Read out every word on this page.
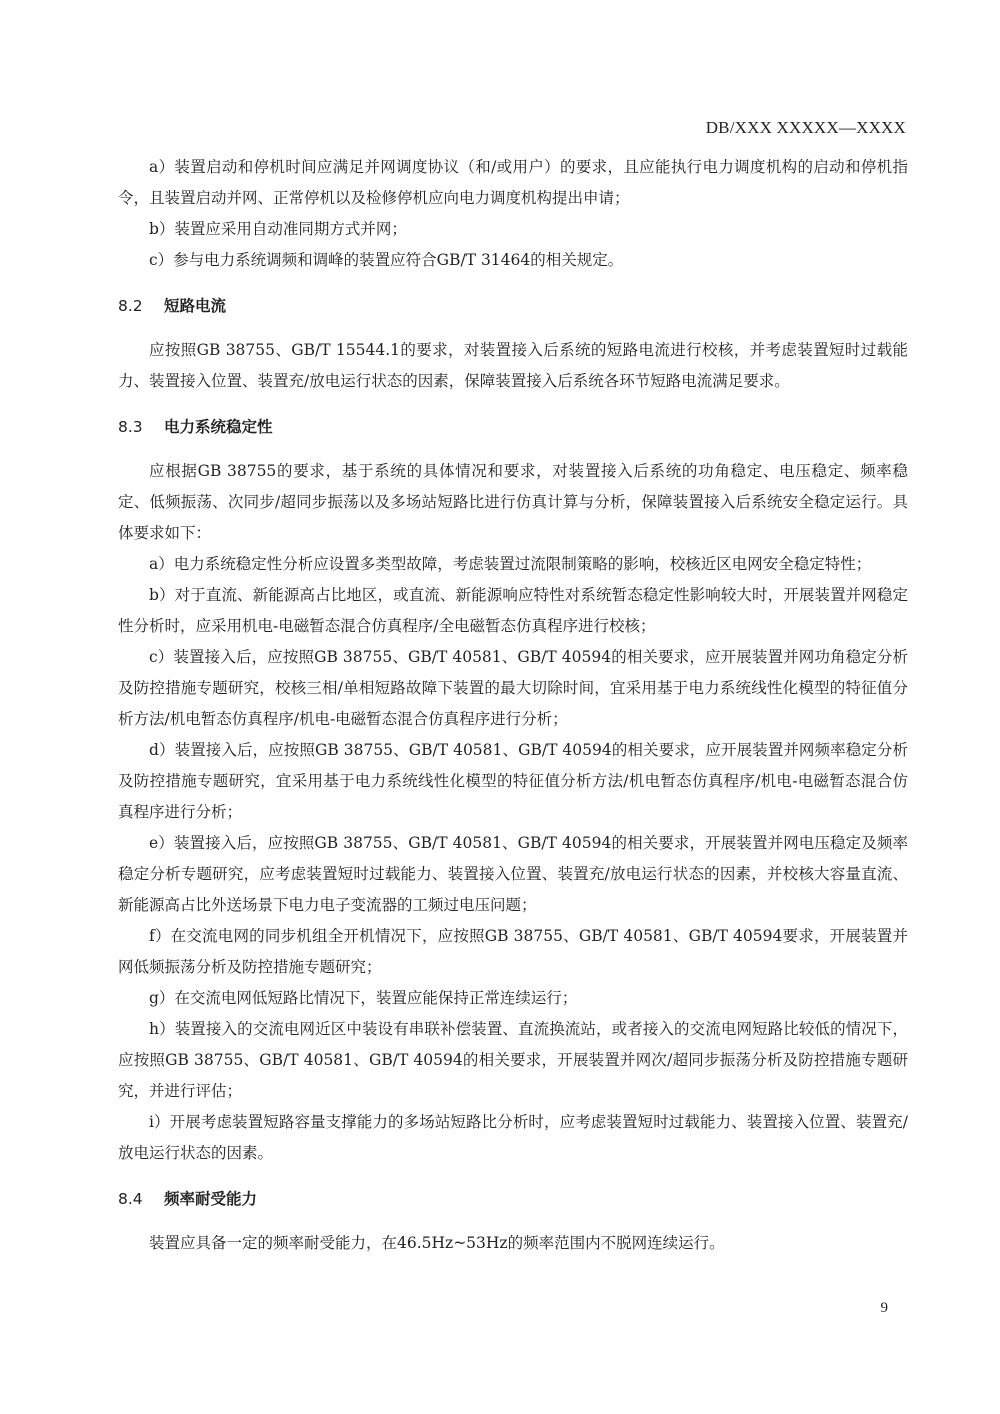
DB/XXX XXXXX—XXXX

a）装置启动和停机时间应满足并网调度协议（和/或用户）的要求，且应能执行电力调度机构的启动和停机指令，且装置启动并网、正常停机以及检修停机应向电力调度机构提出申请；

b）装置应采用自动准同期方式并网；

c）参与电力系统调频和调峰的装置应符合GB/T 31464的相关规定。

8.2 短路电流

应按照GB 38755、GB/T 15544.1的要求，对装置接入后系统的短路电流进行校核，并考虑装置短时过载能力、装置接入位置、装置充/放电运行状态的因素，保障装置接入后系统各环节短路电流满足要求。

8.3 电力系统稳定性

应根据GB 38755的要求，基于系统的具体情况和要求，对装置接入后系统的功角稳定、电压稳定、频率稳定、低频振荡、次同步/超同步振荡以及多场站短路比进行仿真计算与分析，保障装置接入后系统安全稳定运行。具体要求如下：

a）电力系统稳定性分析应设置多类型故障，考虑装置过流限制策略的影响，校核近区电网安全稳定特性；

b）对于直流、新能源高占比地区，或直流、新能源响应特性对系统暂态稳定性影响较大时，开展装置并网稳定性分析时，应采用机电-电磁暂态混合仿真程序/全电磁暂态仿真程序进行校核；

c）装置接入后，应按照GB 38755、GB/T 40581、GB/T 40594的相关要求，应开展装置并网功角稳定分析及防控措施专题研究，校核三相/单相短路故障下装置的最大切除时间，宜采用基于电力系统线性化模型的特征值分析方法/机电暂态仿真程序/机电-电磁暂态混合仿真程序进行分析；

d）装置接入后，应按照GB 38755、GB/T 40581、GB/T 40594的相关要求，应开展装置并网频率稳定分析及防控措施专题研究，宜采用基于电力系统线性化模型的特征值分析方法/机电暂态仿真程序/机电-电磁暂态混合仿真程序进行分析；

e）装置接入后，应按照GB 38755、GB/T 40581、GB/T 40594的相关要求，开展装置并网电压稳定及频率稳定分析专题研究，应考虑装置短时过载能力、装置接入位置、装置充/放电运行状态的因素，并校核大容量直流、新能源高占比外送场景下电力电子变流器的工频过电压问题；

f）在交流电网的同步机组全开机情况下，应按照GB 38755、GB/T 40581、GB/T 40594要求，开展装置并网低频振荡分析及防控措施专题研究；

g）在交流电网低短路比情况下，装置应能保持正常连续运行；

h）装置接入的交流电网近区中装设有串联补偿装置、直流换流站，或者接入的交流电网短路比较低的情况下，应按照GB 38755、GB/T 40581、GB/T 40594的相关要求，开展装置并网次/超同步振荡分析及防控措施专题研究，并进行评估；

i）开展考虑装置短路容量支撑能力的多场站短路比分析时，应考虑装置短时过载能力、装置接入位置、装置充/放电运行状态的因素。

8.4 频率耐受能力

装置应具备一定的频率耐受能力，在46.5Hz~53Hz的频率范围内不脱网连续运行。

9
